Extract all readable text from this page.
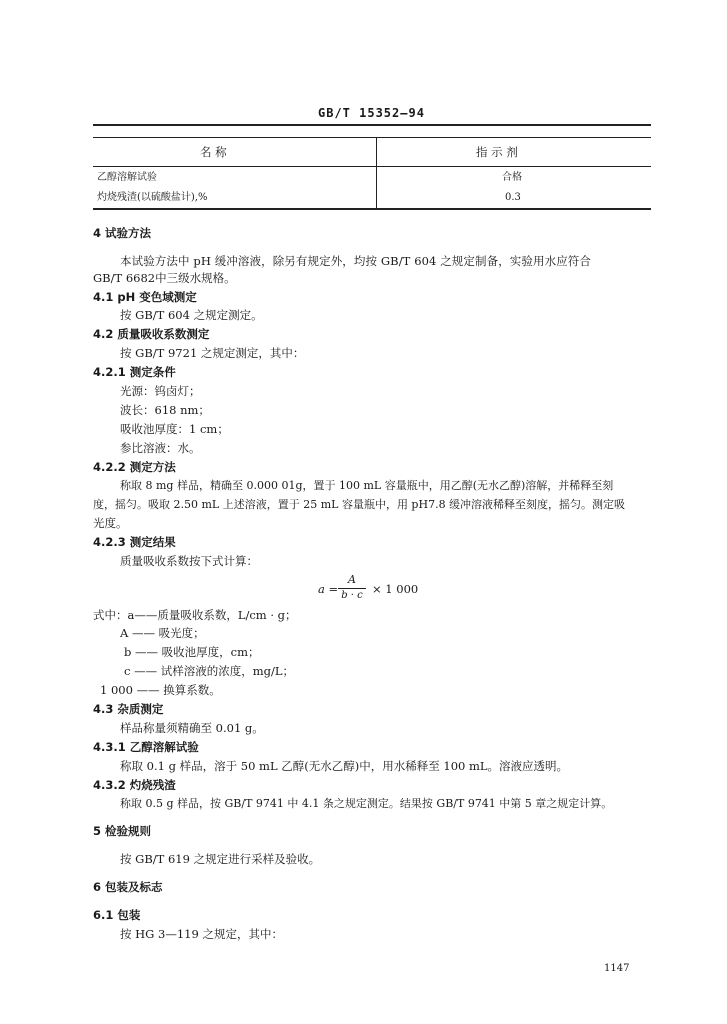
GB/T 15352—94
名 称	指 示 剂
乙醇溶解试验	合格
灼烧残渣(以硫酸盐计),%	0.3
4 试验方法
本试验方法中 pH 缓冲溶液，除另有规定外，均按 GB/T 604 之规定制备，实验用水应符合
GB/T 6682中三级水规格。
4.1 pH 变色域测定
按 GB/T 604 之规定测定。
4.2 质量吸收系数测定
按 GB/T 9721 之规定测定，其中：
4.2.1 测定条件
光源：钨卤灯；
波长：618 nm；
吸收池厚度：1 cm；
参比溶液：水。
4.2.2 测定方法
称取 8 mg 样品，精确至 0.000 01g，置于 100 mL 容量瓶中，用乙醇(无水乙醇)溶解，并稀释至刻
度，摇匀。吸取 2.50 mL 上述溶液，置于 25 mL 容量瓶中，用 pH7.8 缓冲溶液稀释至刻度，摇匀。测定吸
光度。
4.2.3 测定结果
质量吸收系数按下式计算：
a =
A
b · c × 1 000
式中：a——质量吸收系数，L/cm · g；
A —— 吸光度；
b —— 吸收池厚度，cm；
c —— 试样溶液的浓度，mg/L；
1 000 —— 换算系数。
4.3 杂质测定
样品称量须精确至 0.01 g。
4.3.1 乙醇溶解试验
称取 0.1 g 样品，溶于 50 mL 乙醇(无水乙醇)中，用水稀释至 100 mL。溶液应透明。
4.3.2 灼烧残渣
称取 0.5 g 样品，按 GB/T 9741 中 4.1 条之规定测定。结果按 GB/T 9741 中第 5 章之规定计算。
5 检验规则
按 GB/T 619 之规定进行采样及验收。
6 包装及标志
6.1 包装
按 HG 3—119 之规定，其中：
1147
